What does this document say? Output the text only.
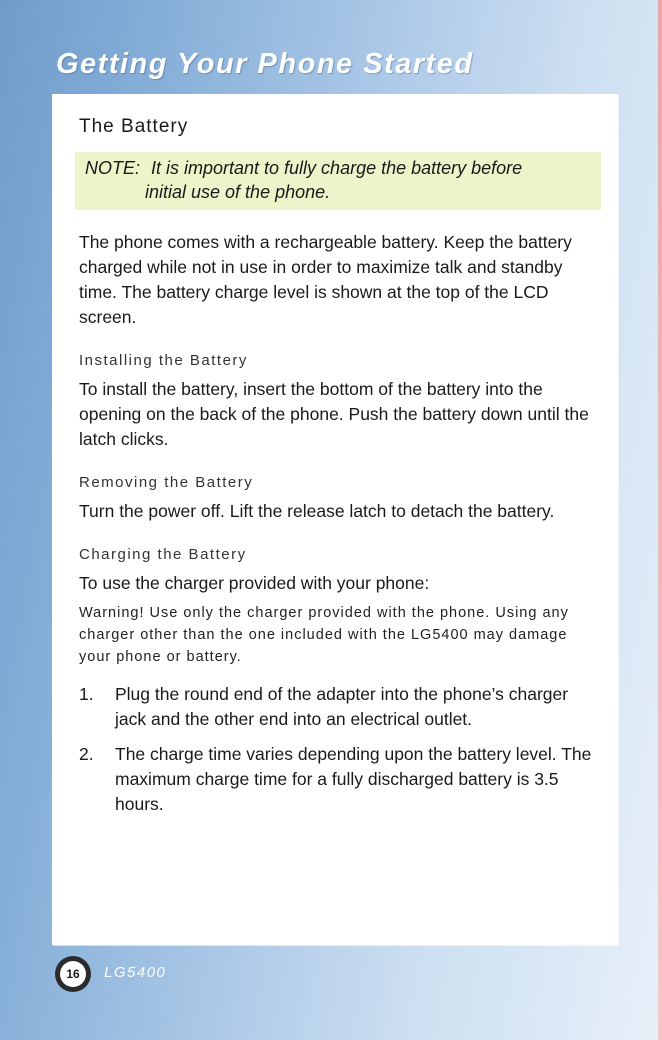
Getting Your Phone Started
The Battery
NOTE: It is important to fully charge the battery before
initial use of the phone.

The phone comes with a rechargeable battery. Keep the battery charged while not in use in order to maximize talk and standby time. The battery charge level is shown at the top of the LCD screen.

Installing the Battery

To install the battery, insert the bottom of the battery into the opening on the back of the phone. Push the battery down until the latch clicks.

Removing the Battery

Turn the power off. Lift the release latch to detach the battery.

Charging the Battery

To use the charger provided with your phone:

Warning! Use only the charger provided with the phone. Using any charger other than the one included with the LG5400 may damage your phone or battery.

1.	Plug the round end of the adapter into the phone’s charger jack and the other end into an electrical outlet.
2.	The charge time varies depending upon the battery level. The maximum charge time for a fully discharged battery is 3.5 hours.
16	LG5400
